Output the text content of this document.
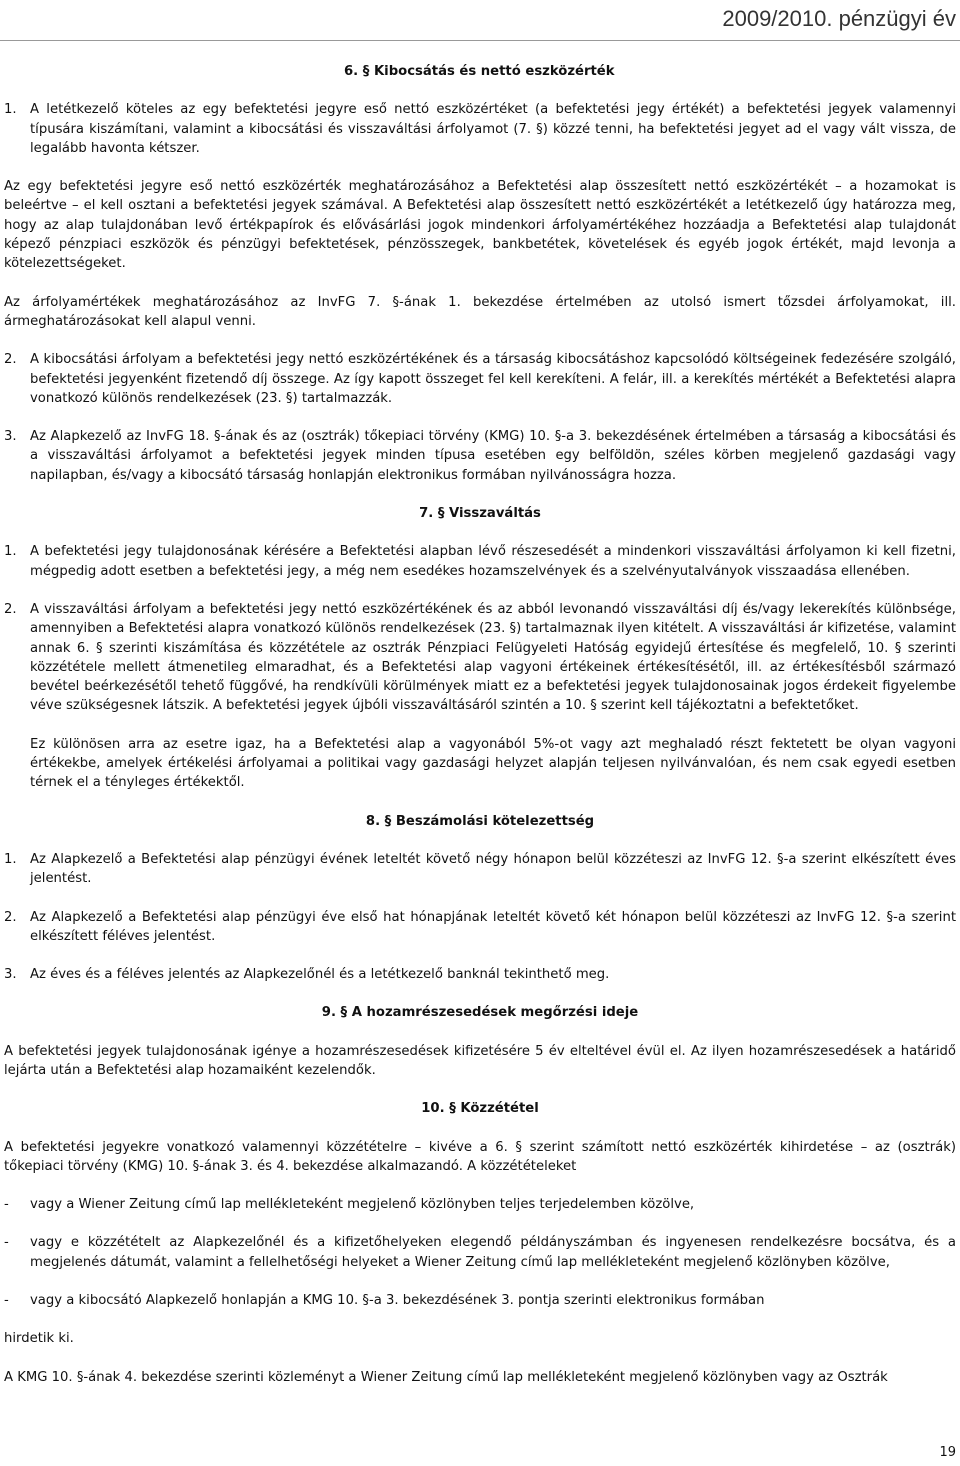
2009/2010. pénzügyi év
6. § Kibocsátás és nettó eszközérték
1.	A letétkezelő köteles az egy befektetési jegyre eső nettó eszközértéket (a befektetési jegy értékét) a befektetési jegyek valamennyi típusára kiszámítani, valamint a kibocsátási és visszaváltási árfolyamot (7. §) közzé tenni, ha befektetési jegyet ad el vagy vált vissza, de legalább havonta kétszer.

Az egy befektetési jegyre eső nettó eszközérték meghatározásához a Befektetési alap összesített nettó eszközértékét – a hozamokat is beleértve – el kell osztani a befektetési jegyek számával. A Befektetési alap összesített nettó eszközértékét a letétkezelő úgy határozza meg, hogy az alap tulajdonában levő értékpapírok és elővásárlási jogok mindenkori árfolyamértékéhez hozzáadja a Befektetési alap tulajdonát képező pénzpiaci eszközök és pénzügyi befektetések, pénzösszegek, bankbetétek, követelések és egyéb jogok értékét, majd levonja a kötelezettségeket.

Az árfolyamértékek meghatározásához az InvFG 7. §-ának 1. bekezdése értelmében az utolsó ismert tőzsdei árfolyamokat, ill. ármeghatározásokat kell alapul venni.

2.	A kibocsátási árfolyam a befektetési jegy nettó eszközértékének és a társaság kibocsátáshoz kapcsolódó költségeinek fedezésére szolgáló, befektetési jegyenként fizetendő díj összege. Az így kapott összeget fel kell kerekíteni. A felár, ill. a kerekítés mértékét a Befektetési alapra vonatkozó különös rendelkezések (23. §) tartalmazzák.
3.	Az Alapkezelő az InvFG 18. §-ának és az (osztrák) tőkepiaci törvény (KMG) 10. §-a 3. bekezdésének értelmében a társaság a kibocsátási és a visszaváltási árfolyamot a befektetési jegyek minden típusa esetében egy belföldön, széles körben megjelenő gazdasági vagy napilapban, és/vagy a kibocsátó társaság honlapján elektronikus formában nyilvánosságra hozza.
7. § Visszaváltás
1.	A befektetési jegy tulajdonosának kérésére a Befektetési alapban lévő részesedését a mindenkori visszaváltási árfolyamon ki kell fizetni, mégpedig adott esetben a befektetési jegy, a még nem esedékes hozamszelvények és a szelvényutalványok visszaadása ellenében.
2.	A visszaváltási árfolyam a befektetési jegy nettó eszközértékének és az abból levonandó visszaváltási díj és/vagy lekerekítés különbsége, amennyiben a Befektetési alapra vonatkozó különös rendelkezések (23. §) tartalmaznak ilyen kitételt. A visszaváltási ár kifizetése, valamint annak 6. § szerinti kiszámítása és közzététele az osztrák Pénzpiaci Felügyeleti Hatóság egyidejű értesítése és megfelelő, 10. § szerinti közzététele mellett átmenetileg elmaradhat, és a Befektetési alap vagyoni értékeinek értékesítésétől, ill. az értékesítésből származó bevétel beérkezésétől tehető függővé, ha rendkívüli körülmények miatt ez a befektetési jegyek tulajdonosainak jogos érdekeit figyelembe véve szükségesnek látszik. A befektetési jegyek újbóli visszaváltásáról szintén a 10. § szerint kell tájékoztatni a befektetőket.

Ez különösen arra az esetre igaz, ha a Befektetési alap a vagyonából 5%-ot vagy azt meghaladó részt fektetett be olyan vagyoni értékekbe, amelyek értékelési árfolyamai a politikai vagy gazdasági helyzet alapján teljesen nyilvánvalóan, és nem csak egyedi esetben térnek el a tényleges értékektől.

8. § Beszámolási kötelezettség
1.	Az Alapkezelő a Befektetési alap pénzügyi évének leteltét követő négy hónapon belül közzéteszi az InvFG 12. §-a szerint elkészített éves jelentést.
2.	Az Alapkezelő a Befektetési alap pénzügyi éve első hat hónapjának leteltét követő két hónapon belül közzéteszi az InvFG 12. §-a szerint elkészített féléves jelentést.
3.	Az éves és a féléves jelentés az Alapkezelőnél és a letétkezelő banknál tekinthető meg.
9. § A hozamrészesedések megőrzési ideje

A befektetési jegyek tulajdonosának igénye a hozamrészesedések kifizetésére 5 év elteltével évül el. Az ilyen hozamrészesedések a határidő lejárta után a Befektetési alap hozamaiként kezelendők.

10. § Közzététel

A befektetési jegyekre vonatkozó valamennyi közzétételre – kivéve a 6. § szerint számított nettó eszközérték kihirdetése – az (osztrák) tőkepiaci törvény (KMG) 10. §-ának 3. és 4. bekezdése alkalmazandó. A közzétételeket

-	vagy a Wiener Zeitung című lap mellékleteként megjelenő közlönyben teljes terjedelemben közölve,
-	vagy e közzétételt az Alapkezelőnél és a kifizetőhelyeken elegendő példányszámban és ingyenesen rendelkezésre bocsátva, és a megjelenés dátumát, valamint a fellelhetőségi helyeket a Wiener Zeitung című lap mellékleteként megjelenő közlönyben közölve,
-	vagy a kibocsátó Alapkezelő honlapján a KMG 10. §-a 3. bekezdésének 3. pontja szerinti elektronikus formában

hirdetik ki.

A KMG 10. §-ának 4. bekezdése szerinti közleményt a Wiener Zeitung című lap mellékleteként megjelenő közlönyben vagy az Osztrák

19
